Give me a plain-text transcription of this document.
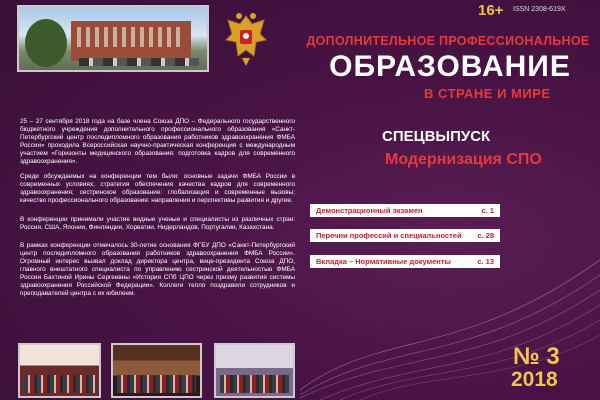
16+ ISSN 2308-619X
ДОПОЛНИТЕЛЬНОЕ ПРОФЕССИОНАЛЬНОЕ
ОБРАЗОВАНИЕ
В СТРАНЕ И МИРЕ
СПЕЦВЫПУСК
Модернизация СПО

25 – 27 сентября 2018 года на базе члена Союза ДПО – Федерального государственного бюджетного учреждения дополнительного профессионального образования «Санкт-Петербургский центр последипломного образования работников здравоохранения ФМБА России» проходила Всероссийская научно-практическая конференция с международным участием «Горизонты медицинского образования: подготовка кадров для современного здравоохранения».

Среди обсуждаемых на конференции тем были: основные задачи ФМБА России в современных условиях; стратегия обеспечения качества кадров для современного здравоохранения; сестринское образование: глобализация и современные вызовы; качество профессионального образования: направления и перспективы развития и другие.

В конференции принимали участие видные ученые и специалисты из различных стран: Россия, США, Японии, Финляндии, Хорватии, Нидерландов, Португалии, Казахстана.

В рамках конференции отмечалось 30-летие основания ФГБУ ДПО «Санкт-Петербургский центр последипломного образования работников здравоохранения ФМБА России». Огромный интерес вызвал доклад директора центра, вице-президента Союза ДПО, главного внештатного специалиста по управлению сестринской деятельностью ФМБА России Бахтиной Ирины Сергеевны «История СПб ЦПО через призму развития системы здравоохранения Российской Федерации». Коллеги тепло поздравили сотрудников и преподавателей центра с их юбилеем.

Демонстрационный экзамен	с. 1
Перечни профессий и специальностей с. 28
Вкладка – Нормативные документы	с. 13
№ 3
2018
